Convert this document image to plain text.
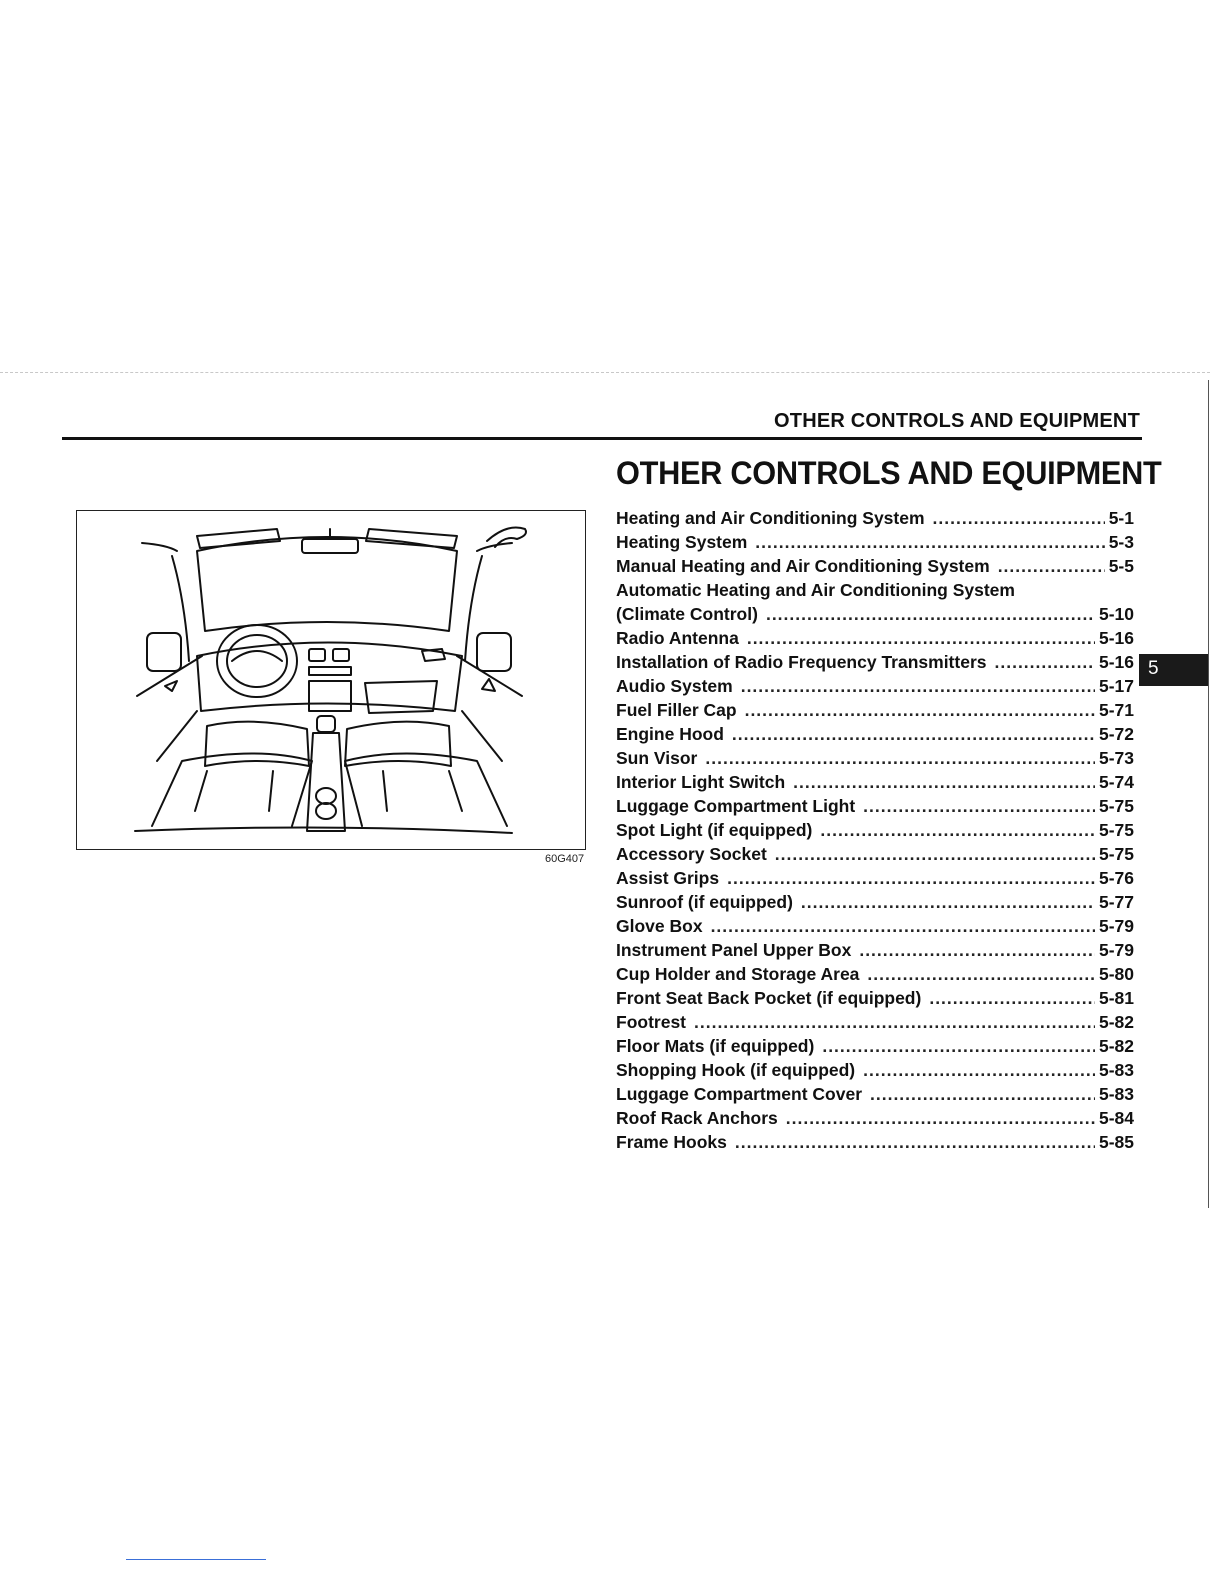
OTHER CONTROLS AND EQUIPMENT
OTHER CONTROLS AND EQUIPMENT
60G407
Heating and Air Conditioning System .....	5-1
Heating System .....	5-3
Manual Heating and Air Conditioning System .....	5-5
Automatic Heating and Air Conditioning System
(Climate Control) .....	5-10
Radio Antenna .....	5-16
Installation of Radio Frequency Transmitters .....	5-16
Audio System .....	5-17
Fuel Filler Cap .....	5-71
Engine Hood .....	5-72
Sun Visor .....	5-73
Interior Light Switch .....	5-74
Luggage Compartment Light .....	5-75
Spot Light (if equipped) .....	5-75
Accessory Socket .....	5-75
Assist Grips .....	5-76
Sunroof (if equipped) .....	5-77
Glove Box .....	5-79
Instrument Panel Upper Box .....	5-79
Cup Holder and Storage Area .....	5-80
Front Seat Back Pocket (if equipped) .....	5-81
Footrest .....	5-82
Floor Mats (if equipped) .....	5-82
Shopping Hook (if equipped) .....	5-83
Luggage Compartment Cover .....	5-83
Roof Rack Anchors .....	5-84
Frame Hooks .....	5-85
5
